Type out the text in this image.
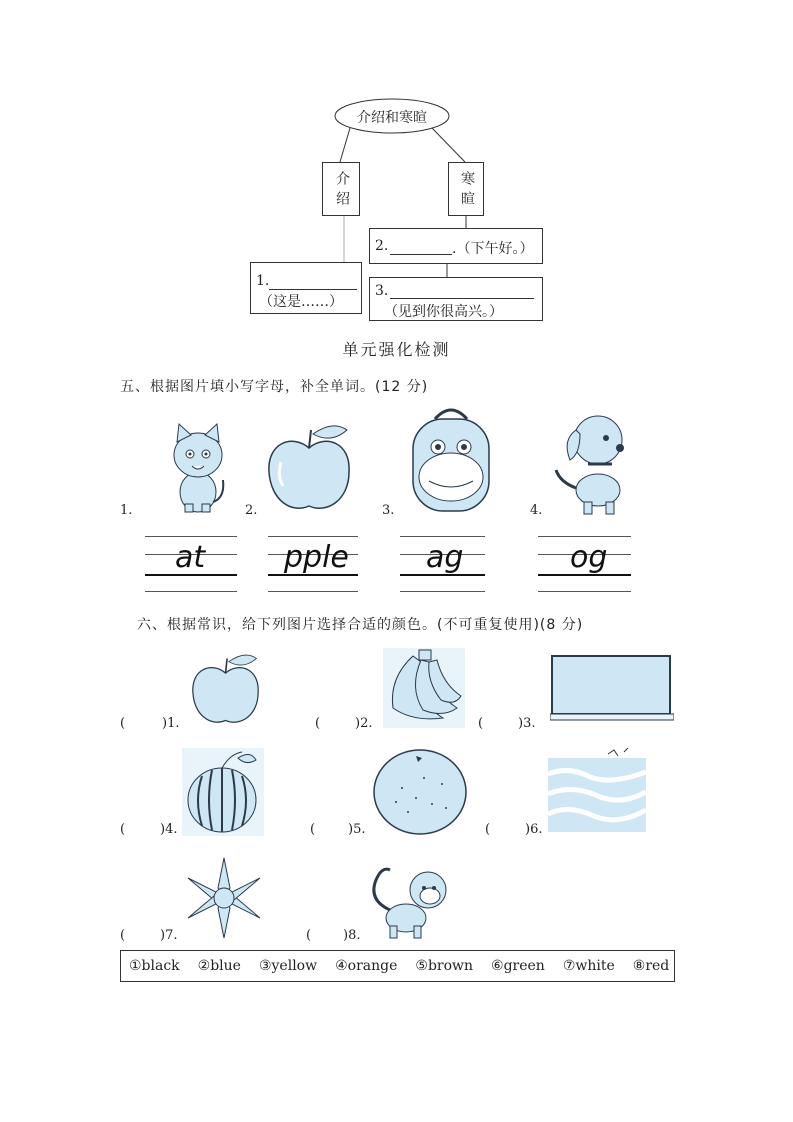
介绍和寒暄
介绍	寒暄
1.
（这是……）
2.	.（下午好。）
3.
（见到你很高兴。）
单元强化检测
五、根据图片填小写字母，补全单词。(12 分)
1.	2.	3.	4.
at	pple	ag	og
六、根据常识，给下列图片选择合适的颜色。(不可重复使用)(8 分)
(	)1.	(	)2.	(	)3.
(	)4.	(	)5.	(	)6.
(	)7.	( )8.
①black ②blue ③yellow ④orange ⑤brown ⑥green ⑦white ⑧red
